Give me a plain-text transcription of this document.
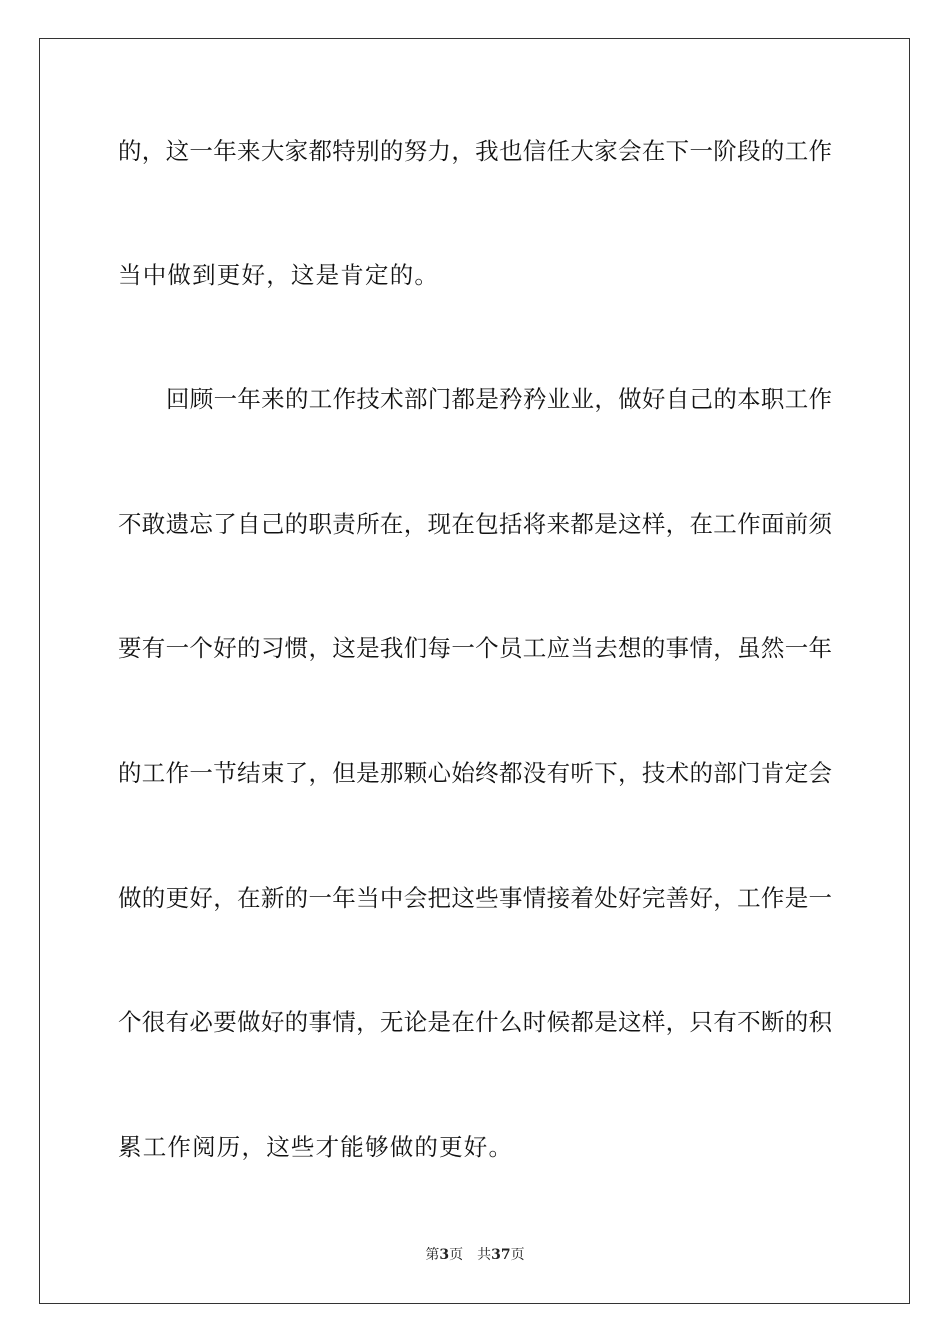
的，这一年来大家都特别的努力，我也信任大家会在下一阶段的工作
当中做到更好，这是肯定的。
回顾一年来的工作技术部门都是矜矜业业，做好自己的本职工作
不敢遗忘了自己的职责所在，现在包括将来都是这样，在工作面前须
要有一个好的习惯，这是我们每一个员工应当去想的事情，虽然一年
的工作一节结束了，但是那颗心始终都没有听下，技术的部门肯定会
做的更好，在新的一年当中会把这些事情接着处好完善好，工作是一
个很有必要做好的事情，无论是在什么时候都是这样，只有不断的积
累工作阅历，这些才能够做的更好。
第3页 共37页
